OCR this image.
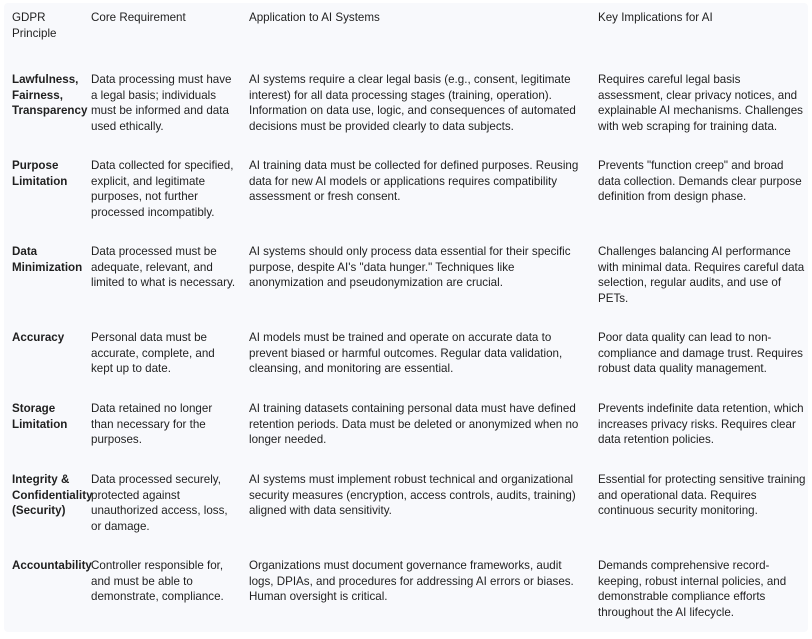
GDPR Principle	Core Requirement	Application to AI Systems	Key Implications for AI
Lawfulness, Fairness, Transparency	Data processing must have a legal basis; individuals must be informed and data used ethically.	AI systems require a clear legal basis (e.g., consent, legitimate interest) for all data processing stages (training, operation). Information on data use, logic, and consequences of automated decisions must be provided clearly to data subjects.	Requires careful legal basis assessment, clear privacy notices, and explainable AI mechanisms. Challenges with web scraping for training data.
Purpose Limitation	Data collected for specified, explicit, and legitimate purposes, not further processed incompatibly.	AI training data must be collected for defined purposes. Reusing data for new AI models or applications requires compatibility assessment or fresh consent.	Prevents "function creep" and broad data collection. Demands clear purpose definition from design phase.
Data Minimization	Data processed must be adequate, relevant, and limited to what is necessary.	AI systems should only process data essential for their specific purpose, despite AI's "data hunger." Techniques like anonymization and pseudonymization are crucial.	Challenges balancing AI performance with minimal data. Requires careful data selection, regular audits, and use of PETs.
Accuracy	Personal data must be accurate, complete, and kept up to date.	AI models must be trained and operate on accurate data to prevent biased or harmful outcomes. Regular data validation, cleansing, and monitoring are essential.	Poor data quality can lead to non-compliance and damage trust. Requires robust data quality management.
Storage Limitation	Data retained no longer than necessary for the purposes.	AI training datasets containing personal data must have defined retention periods. Data must be deleted or anonymized when no longer needed.	Prevents indefinite data retention, which increases privacy risks. Requires clear data retention policies.
Integrity & Confidentiality (Security)	Data processed securely, protected against unauthorized access, loss, or damage.	AI systems must implement robust technical and organizational security measures (encryption, access controls, audits, training) aligned with data sensitivity.	Essential for protecting sensitive training and operational data. Requires continuous security monitoring.
Accountability	Controller responsible for, and must be able to demonstrate, compliance.	Organizations must document governance frameworks, audit logs, DPIAs, and procedures for addressing AI errors or biases. Human oversight is critical.	Demands comprehensive record-keeping, robust internal policies, and demonstrable compliance efforts throughout the AI lifecycle.
